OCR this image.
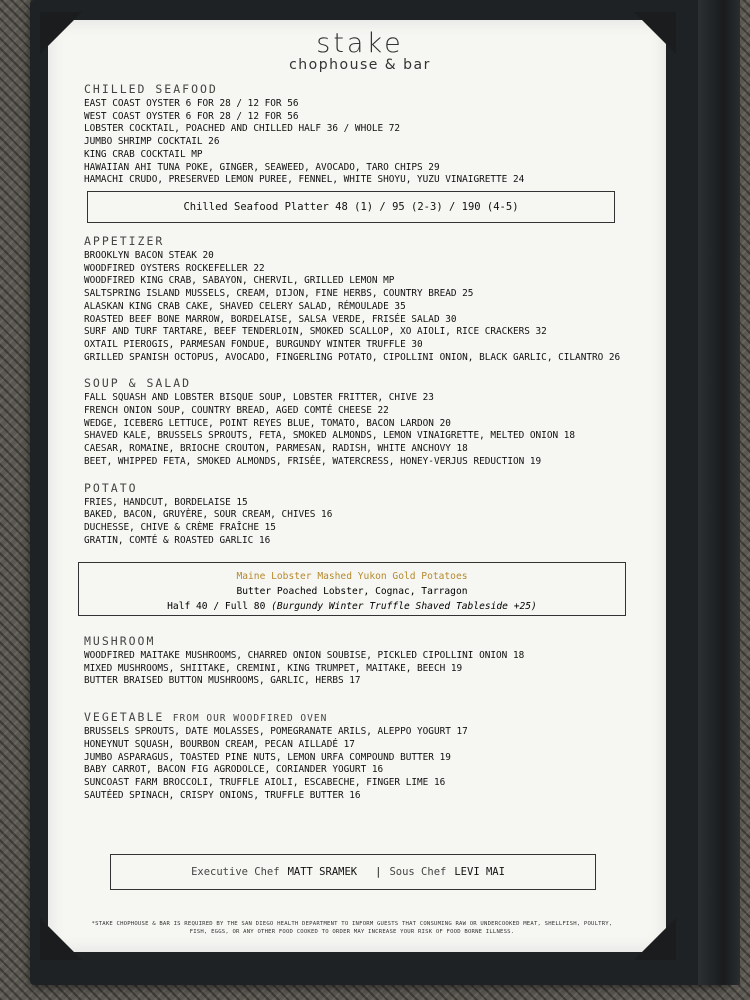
stake
chophouse & bar
CHILLED SEAFOOD
EAST COAST OYSTER 6 FOR 28 / 12 FOR 56
WEST COAST OYSTER 6 FOR 28 / 12 FOR 56
LOBSTER COCKTAIL, POACHED AND CHILLED HALF 36 / WHOLE 72
JUMBO SHRIMP COCKTAIL 26
KING CRAB COCKTAIL MP
HAWAIIAN AHI TUNA POKE, GINGER, SEAWEED, AVOCADO, TARO CHIPS 29
HAMACHI CRUDO, PRESERVED LEMON PUREE, FENNEL, WHITE SHOYU, YUZU VINAIGRETTE 24
Chilled Seafood Platter 48 (1) / 95 (2-3) / 190 (4-5)
APPETIZER
BROOKLYN BACON STEAK 20
WOODFIRED OYSTERS ROCKEFELLER 22
WOODFIRED KING CRAB, SABAYON, CHERVIL, GRILLED LEMON MP
SALTSPRING ISLAND MUSSELS, CREAM, DIJON, FINE HERBS, COUNTRY BREAD 25
ALASKAN KING CRAB CAKE, SHAVED CELERY SALAD, RÉMOULADE 35
ROASTED BEEF BONE MARROW, BORDELAISE, SALSA VERDE, FRISÉE SALAD 30
SURF AND TURF TARTARE, BEEF TENDERLOIN, SMOKED SCALLOP, XO AIOLI, RICE CRACKERS 32
OXTAIL PIEROGIS, PARMESAN FONDUE, BURGUNDY WINTER TRUFFLE 30
GRILLED SPANISH OCTOPUS, AVOCADO, FINGERLING POTATO, CIPOLLINI ONION, BLACK GARLIC, CILANTRO 26
SOUP & SALAD
FALL SQUASH AND LOBSTER BISQUE SOUP, LOBSTER FRITTER, CHIVE 23
FRENCH ONION SOUP, COUNTRY BREAD, AGED COMTÉ CHEESE 22
WEDGE, ICEBERG LETTUCE, POINT REYES BLUE, TOMATO, BACON LARDON 20
SHAVED KALE, BRUSSELS SPROUTS, FETA, SMOKED ALMONDS, LEMON VINAIGRETTE, MELTED ONION 18
CAESAR, ROMAINE, BRIOCHE CROUTON, PARMESAN, RADISH, WHITE ANCHOVY 18
BEET, WHIPPED FETA, SMOKED ALMONDS, FRISÉE, WATERCRESS, HONEY-VERJUS REDUCTION 19
POTATO
FRIES, HANDCUT, BORDELAISE 15
BAKED, BACON, GRUYÈRE, SOUR CREAM, CHIVES 16
DUCHESSE, CHIVE & CRÈME FRAÎCHE 15
GRATIN, COMTÉ & ROASTED GARLIC 16
Maine Lobster Mashed Yukon Gold Potatoes
Butter Poached Lobster, Cognac, Tarragon
Half 40 / Full 80 (Burgundy Winter Truffle Shaved Tableside +25)
MUSHROOM
WOODFIRED MAITAKE MUSHROOMS, CHARRED ONION SOUBISE, PICKLED CIPOLLINI ONION 18
MIXED MUSHROOMS, SHIITAKE, CREMINI, KING TRUMPET, MAITAKE, BEECH 19
BUTTER BRAISED BUTTON MUSHROOMS, GARLIC, HERBS 17
VEGETABLE FROM OUR WOODFIRED OVEN
BRUSSELS SPROUTS, DATE MOLASSES, POMEGRANATE ARILS, ALEPPO YOGURT 17
HONEYNUT SQUASH, BOURBON CREAM, PECAN AILLADÉ 17
JUMBO ASPARAGUS, TOASTED PINE NUTS, LEMON URFA COMPOUND BUTTER 19
BABY CARROT, BACON FIG AGRODOLCE, CORIANDER YOGURT 16
SUNCOAST FARM BROCCOLI, TRUFFLE AIOLI, ESCABECHE, FINGER LIME 16
SAUTÉED SPINACH, CRISPY ONIONS, TRUFFLE BUTTER 16
Executive Chef MATT SRAMEK | Sous Chef LEVI MAI
*STAKE CHOPHOUSE & BAR IS REQUIRED BY THE SAN DIEGO HEALTH DEPARTMENT TO INFORM GUESTS THAT CONSUMING RAW OR UNDERCOOKED MEAT, SHELLFISH, POULTRY, FISH, EGGS, OR ANY OTHER FOOD COOKED TO ORDER MAY INCREASE YOUR RISK OF FOOD BORNE ILLNESS.
